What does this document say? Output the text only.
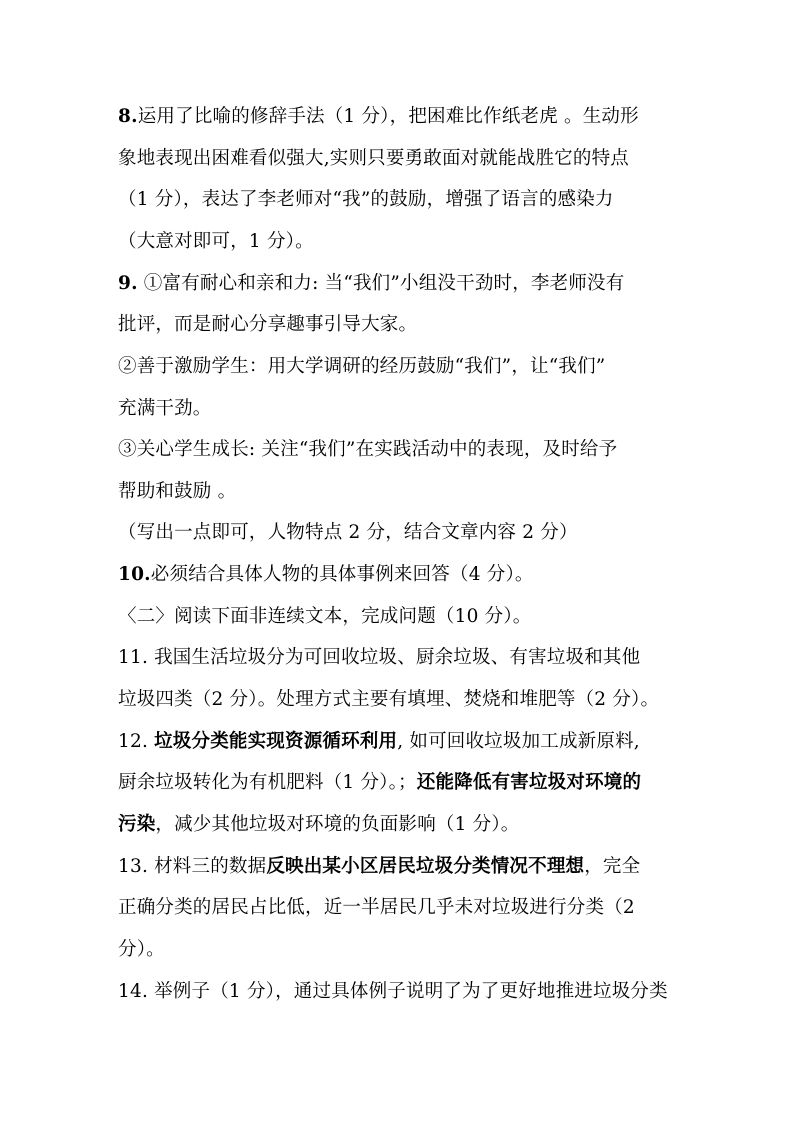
8.运用了比喻的修辞手法（1 分），把困难比作纸老虎 。生动形
象地表现出困难看似强大,实则只要勇敢面对就能战胜它的特点
（1 分），表达了李老师对“我”的鼓励，增强了语言的感染力
（大意对即可，1 分）。
9. ①富有耐心和亲和力: 当“我们”小组没干劲时，李老师没有
批评，而是耐心分享趣事引导大家。
②善于激励学生：用大学调研的经历鼓励“我们”，让“我们”
充满干劲。
③关心学生成长: 关注“我们”在实践活动中的表现，及时给予
帮助和鼓励 。
（写出一点即可，人物特点 2 分，结合文章内容 2 分）
10.必须结合具体人物的具体事例来回答（4 分）。
〈二〉阅读下面非连续文本，完成问题（10 分）。
11. 我国生活垃圾分为可回收垃圾、厨余垃圾、有害垃圾和其他
垃圾四类（2 分）。处理方式主要有填埋、焚烧和堆肥等（2 分）。
12. 垃圾分类能实现资源循环利用, 如可回收垃圾加工成新原料,
厨余垃圾转化为有机肥料（1 分）。；还能降低有害垃圾对环境的
污染，减少其他垃圾对环境的负面影响（1 分）。
13. 材料三的数据反映出某小区居民垃圾分类情况不理想，完全
正确分类的居民占比低，近一半居民几乎未对垃圾进行分类（2
分）。
14. 举例子（1 分），通过具体例子说明了为了更好地推进垃圾分类
